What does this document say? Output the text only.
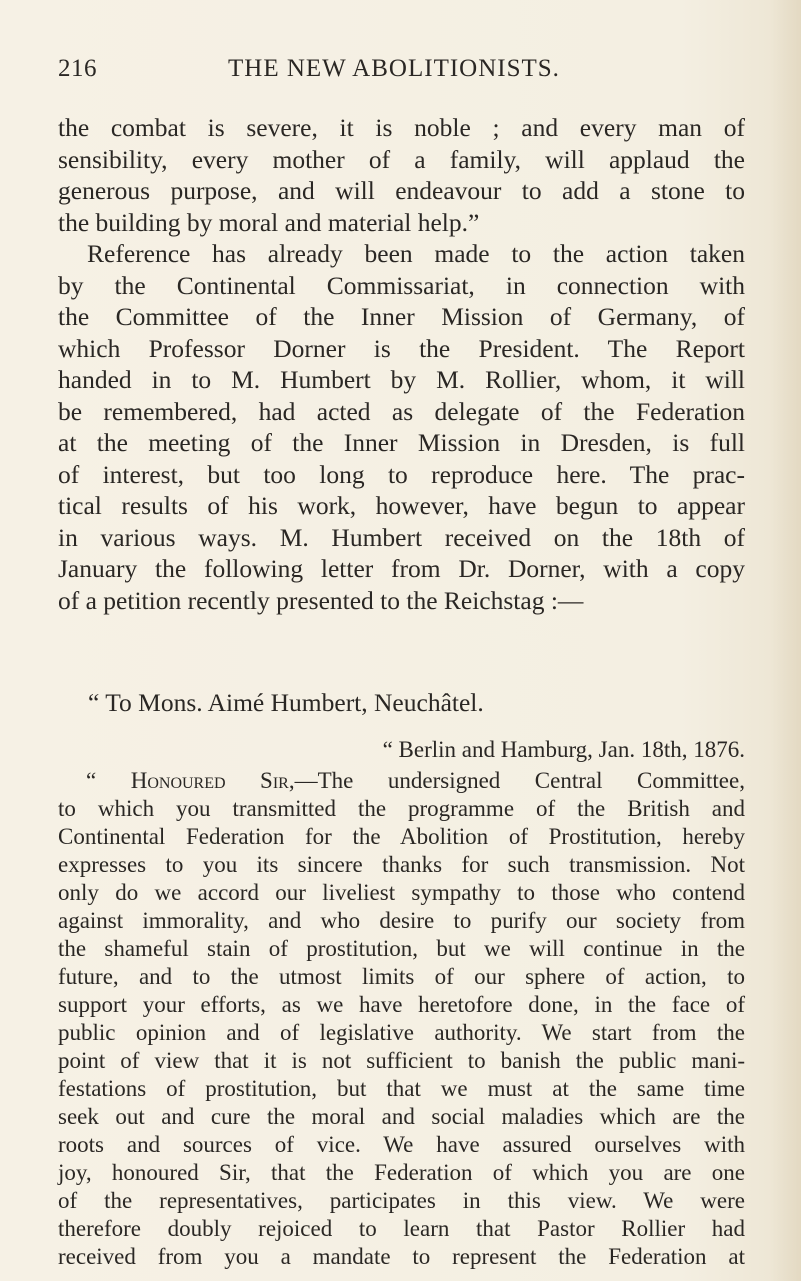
216	THE NEW ABOLITIONISTS.
the combat is severe, it is noble ; and every man of
sensibility, every mother of a family, will applaud the
generous purpose, and will endeavour to add a stone to
the building by moral and material help.”
Reference has already been made to the action taken
by the Continental Commissariat, in connection with
the Committee of the Inner Mission of Germany, of
which Professor Dorner is the President. The Report
handed in to M. Humbert by M. Rollier, whom, it will
be remembered, had acted as delegate of the Federation
at the meeting of the Inner Mission in Dresden, is full
of interest, but too long to reproduce here. The prac-
tical results of his work, however, have begun to appear
in various ways. M. Humbert received on the 18th of
January the following letter from Dr. Dorner, with a copy
of a petition recently presented to the Reichstag :—
“ To Mons. Aimé Humbert, Neuchâtel.
“ Berlin and Hamburg, Jan. 18th, 1876.
“ Honoured Sir,—The undersigned Central Committee,
to which you transmitted the programme of the British and
Continental Federation for the Abolition of Prostitution, hereby
expresses to you its sincere thanks for such transmission. Not
only do we accord our liveliest sympathy to those who contend
against immorality, and who desire to purify our society from
the shameful stain of prostitution, but we will continue in the
future, and to the utmost limits of our sphere of action, to
support your efforts, as we have heretofore done, in the face of
public opinion and of legislative authority. We start from the
point of view that it is not sufficient to banish the public mani-
festations of prostitution, but that we must at the same time
seek out and cure the moral and social maladies which are the
roots and sources of vice. We have assured ourselves with
joy, honoured Sir, that the Federation of which you are one
of the representatives, participates in this view. We were
therefore doubly rejoiced to learn that Pastor Rollier had
received from you a mandate to represent the Federation at
